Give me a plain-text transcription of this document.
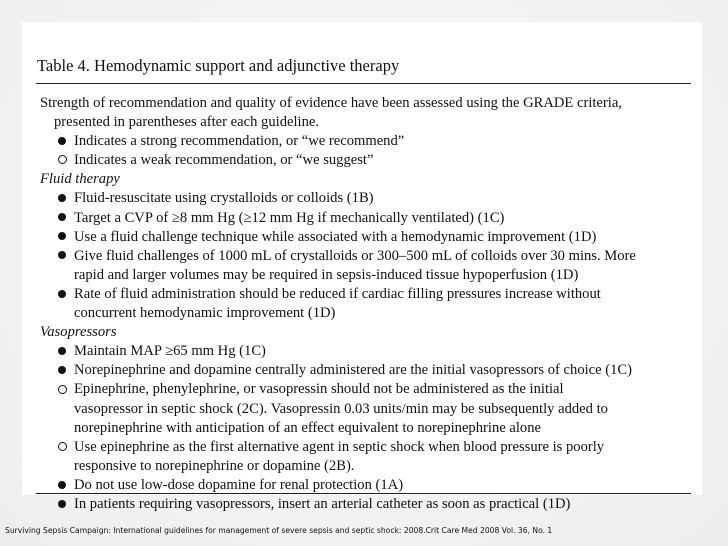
Table 4. Hemodynamic support and adjunctive therapy

Strength of recommendation and quality of evidence have been assessed using the GRADE criteria,
presented in parentheses after each guideline.

Indicates a strong recommendation, or “we recommend”
Indicates a weak recommendation, or “we suggest”

Fluid therapy

Fluid-resuscitate using crystalloids or colloids (1B)
Target a CVP of ≥8 mm Hg (≥12 mm Hg if mechanically ventilated) (1C)
Use a fluid challenge technique while associated with a hemodynamic improvement (1D)
Give fluid challenges of 1000 mL of crystalloids or 300–500 mL of colloids over 30 mins. More
rapid and larger volumes may be required in sepsis-induced tissue hypoperfusion (1D)
Rate of fluid administration should be reduced if cardiac filling pressures increase without
concurrent hemodynamic improvement (1D)

Vasopressors

Maintain MAP ≥65 mm Hg (1C)
Norepinephrine and dopamine centrally administered are the initial vasopressors of choice (1C)
Epinephrine, phenylephrine, or vasopressin should not be administered as the initial
vasopressor in septic shock (2C). Vasopressin 0.03 units/min may be subsequently added to
norepinephrine with anticipation of an effect equivalent to norepinephrine alone
Use epinephrine as the first alternative agent in septic shock when blood pressure is poorly
responsive to norepinephrine or dopamine (2B).
Do not use low-dose dopamine for renal protection (1A)
In patients requiring vasopressors, insert an arterial catheter as soon as practical (1D)
Surviving Sepsis Campaign: International guidelines for management of severe sepsis and septic shock: 2008.Crit Care Med 2008 Vol. 36, No. 1
